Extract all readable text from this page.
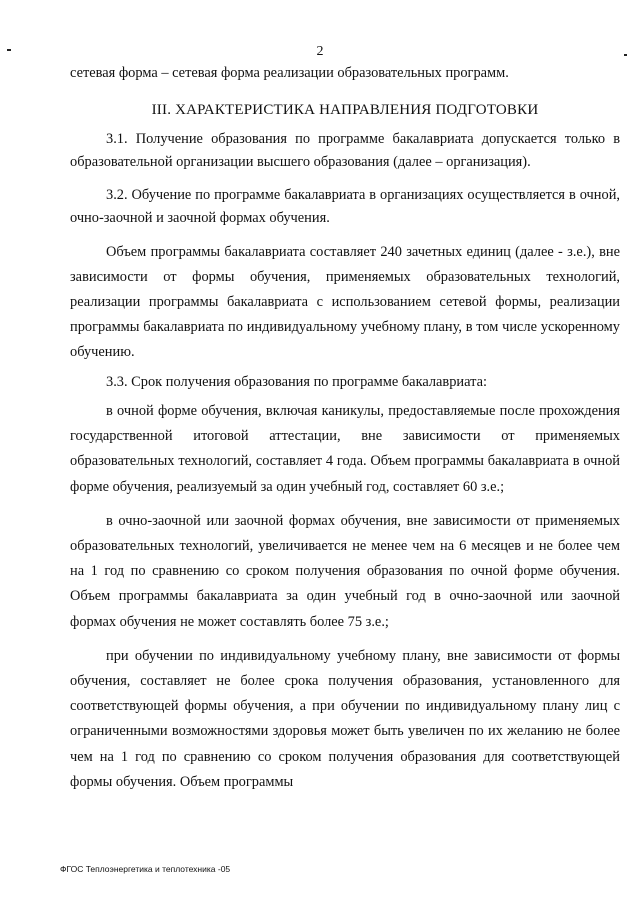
2

сетевая форма – сетевая форма реализации образовательных программ.

III. ХАРАКТЕРИСТИКА НАПРАВЛЕНИЯ ПОДГОТОВКИ

3.1. Получение образования по программе бакалавриата допускается только в образовательной организации высшего образования (далее – организация).

3.2. Обучение по программе бакалавриата в организациях осуществляется в очной, очно-заочной и заочной формах обучения.

Объем программы бакалавриата составляет 240 зачетных единиц (далее - з.е.), вне зависимости от формы обучения, применяемых образовательных технологий, реализации программы бакалавриата с использованием сетевой формы, реализации программы бакалавриата по индивидуальному учебному плану, в том числе ускоренному обучению.

3.3. Срок получения образования по программе бакалавриата:

в очной форме обучения, включая каникулы, предоставляемые после прохождения государственной итоговой аттестации, вне зависимости от применяемых образовательных технологий, составляет 4 года. Объем программы бакалавриата в очной форме обучения, реализуемый за один учебный год, составляет 60 з.е.;

в очно-заочной или заочной формах обучения, вне зависимости от применяемых образовательных технологий, увеличивается не менее чем на 6 месяцев и не более чем на 1 год по сравнению со сроком получения образования по очной форме обучения. Объем программы бакалавриата за один учебный год в очно-заочной или заочной формах обучения не может составлять более 75 з.е.;

при обучении по индивидуальному учебному плану, вне зависимости от формы обучения, составляет не более срока получения образования, установленного для соответствующей формы обучения, а при обучении по индивидуальному плану лиц с ограниченными возможностями здоровья может быть увеличен по их желанию не более чем на 1 год по сравнению со сроком получения образования для соответствующей формы обучения. Объем программы

ФГОС Теплоэнергетика и теплотехника -05
